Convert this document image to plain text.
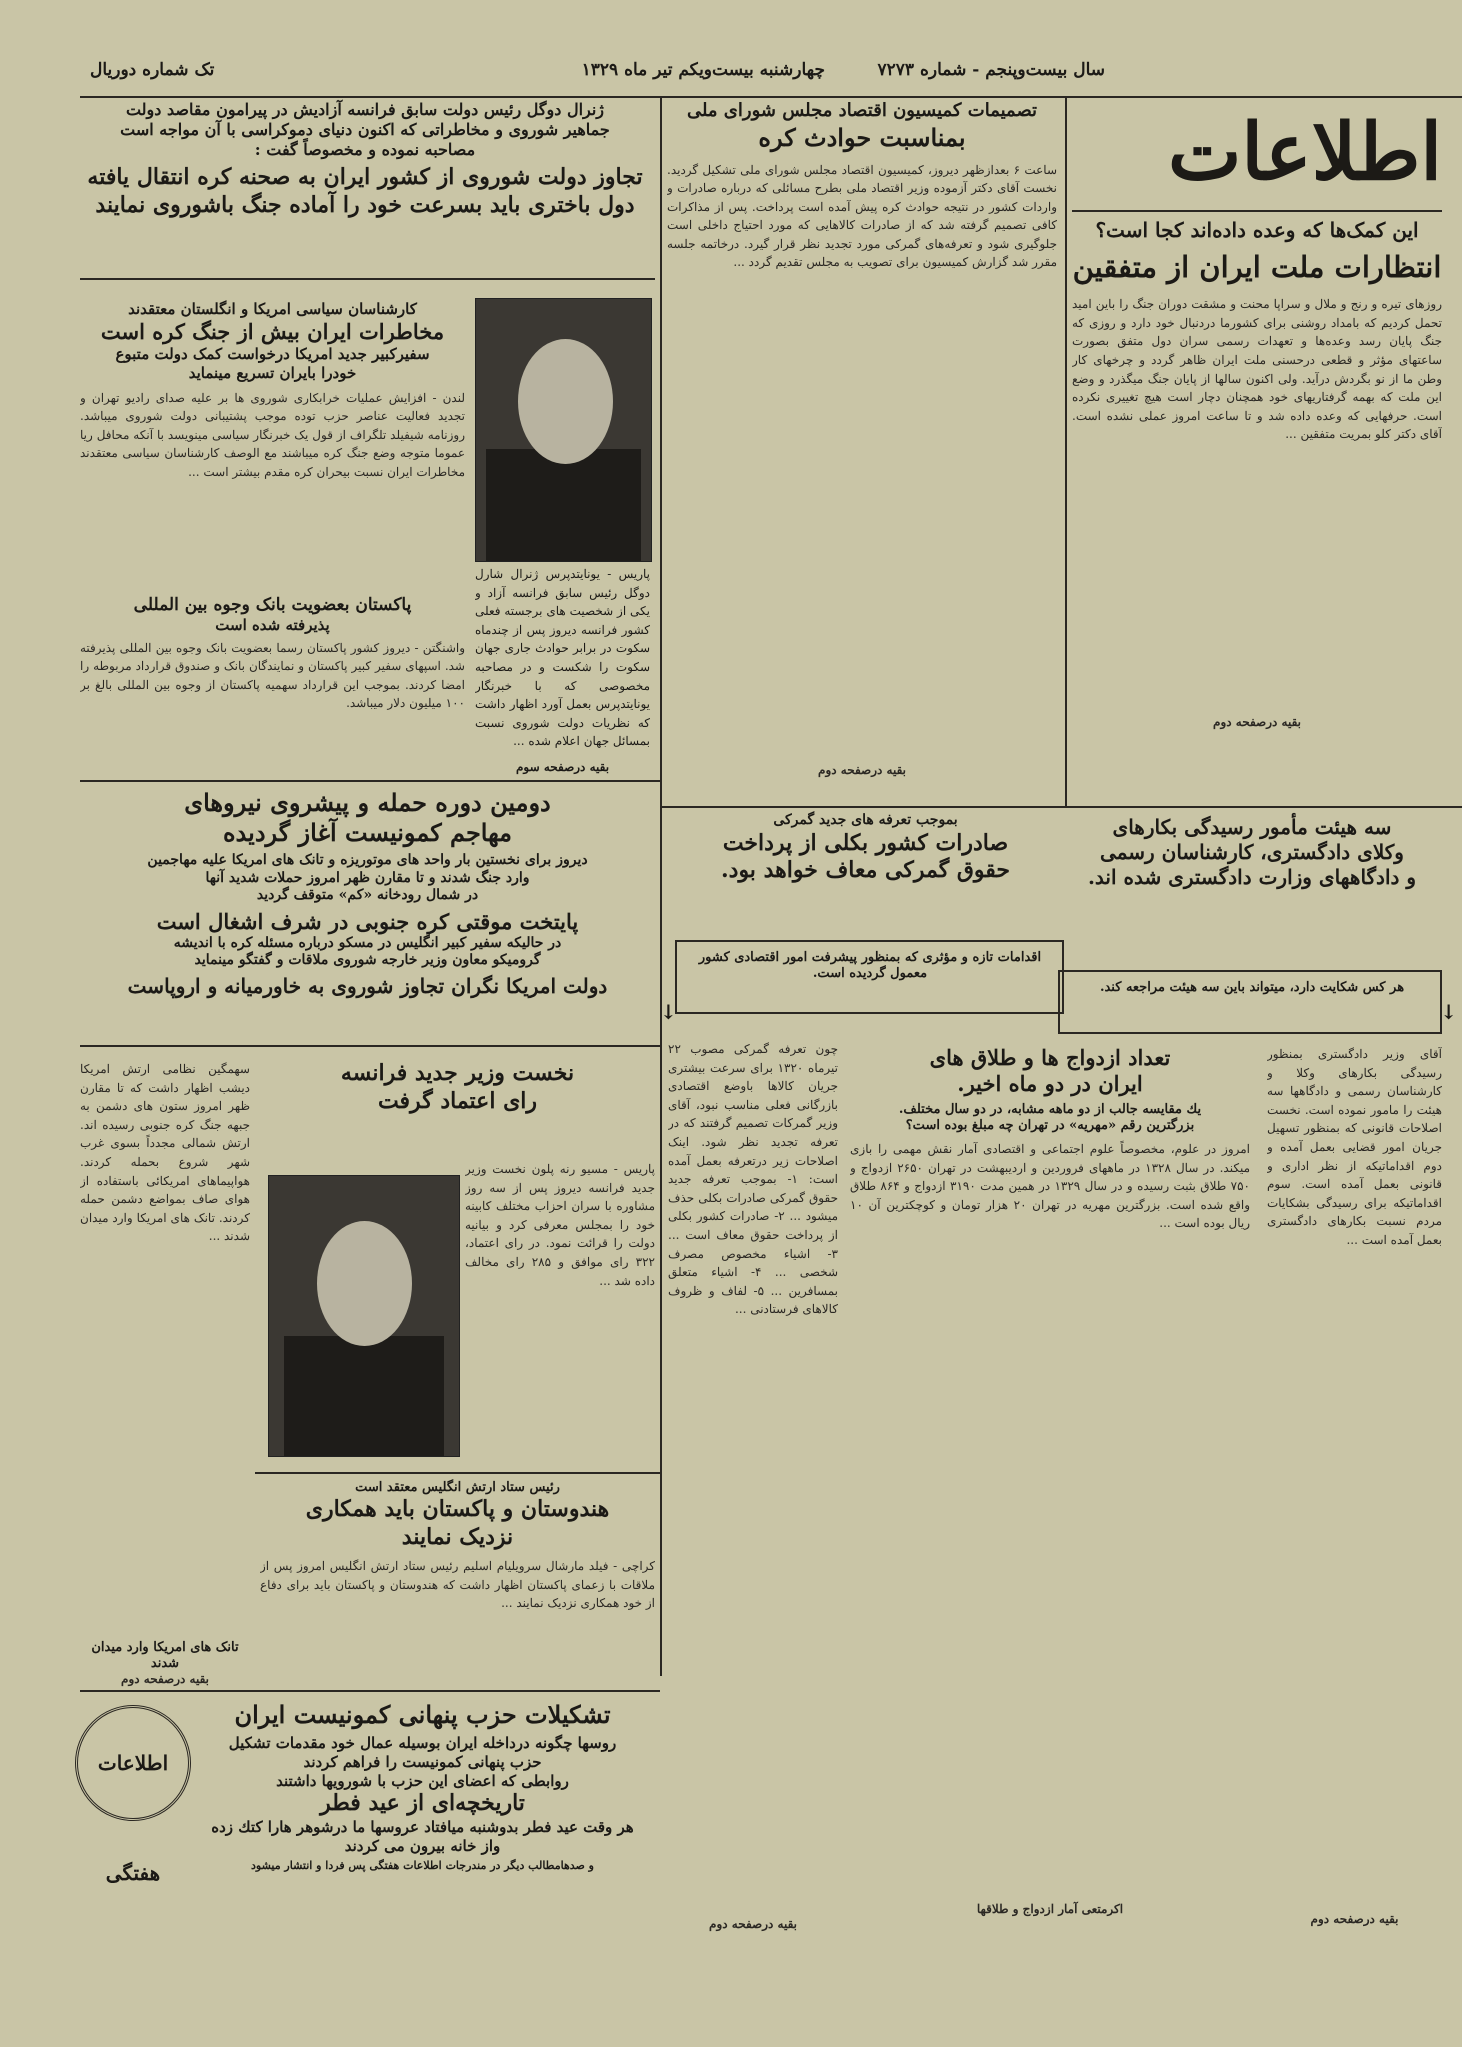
سال بیست‌و‌پنجم - شماره ۷۲۷۳
چهارشنبه بیست‌و‌یکم تیر ماه ۱۳۲۹
تک شماره دوریال
اطلاعات
این کمک‌ها که وعده داده‌اند کجا است؟
انتظارات ملت ایران از متفقین
روزهای تیره و رنج و ملال و سراپا محنت و مشقت دوران جنگ را باین امید تحمل کردیم که بامداد روشنی برای کشورما دردنبال خود دارد و روزی که جنگ پایان رسد وعده‌ها و تعهدات رسمی سران دول متفق بصورت ساعتهای مؤثر و قطعی درحسنی ملت ایران ظاهر گردد و چرخهای کار وطن ما از نو بگردش درآید. ولی اکنون سالها از پایان جنگ میگذرد و وضع این ملت که بهمه گرفتاریهای خود همچنان دچار است هیچ تغییری نکرده است. حرفهایی که وعده داده شد و تا ساعت امروز عملی نشده است. آقای دکتر کلو بمریت متفقین ...
بقیه درصفحه دوم
تصمیمات کمیسیون اقتصاد مجلس شورای ملی
بمناسبت حوادث کره
ساعت ۶ بعدازظهر دیروز، کمیسیون اقتصاد مجلس شورای ملی تشکیل گردید. نخست آقای دکتر آزموده وزیر اقتصاد ملی بطرح مسائلی که درباره صادرات و واردات کشور در نتیجه حوادث کره پیش آمده است پرداخت. پس از مذاکرات کافی تصمیم گرفته شد که از صادرات کالاهایی که مورد احتیاج داخلی است جلوگیری شود و تعرفه‌های گمرکی مورد تجدید نظر قرار گیرد. درخاتمه جلسه مقرر شد گزارش کمیسیون برای تصویب به مجلس تقدیم گردد ...
بقیه درصفحه دوم
ژنرال دوگل رئیس دولت سابق فرانسه آزادیش در پیرامون مقاصد دولت
جماهیر شوروی و مخاطراتی که اکنون دنیای دموکراسی با آن مواجه است
مصاحبه نموده و مخصوصاً گفت :
تجاوز دولت شوروی از کشور ایران به صحنه کره انتقال یافته
دول باختری باید بسرعت خود را آماده جنگ باشوروی نمایند
پاریس - یونایتدپرس ژنرال شارل دوگل رئیس سابق فرانسه آزاد و یکی از شخصیت های برجسته فعلی کشور فرانسه دیروز پس از چندماه سکوت در برابر حوادث جاری جهان سکوت را شکست و در مصاحبه مخصوصی که با خبرنگار یونایتدپرس بعمل آورد اظهار داشت که نظریات دولت شوروی نسبت بمسائل جهان اعلام شده ...
بقیه درصفحه سوم
کارشناسان سیاسی امریکا و انگلستان معتقدند
مخاطرات ایران بیش از جنگ کره است
سفیرکبیر جدید امریکا درخواست کمک دولت متبوع
خودرا بایران تسریع مینماید
لندن - افزایش عملیات خرابکاری شوروی ها بر علیه صدای رادیو تهران و تجدید فعالیت عناصر حزب توده موجب پشتیبانی دولت شوروی میباشد. روزنامه شیفیلد تلگراف از قول یک خبرنگار سیاسی مینویسد با آنکه محافل ریا عموما متوجه وضع جنگ کره میباشند مع الوصف کارشناسان سیاسی معتقدند مخاطرات ایران نسبت بیحران کره مقدم بیشتر است ...
پاکستان بعضویت بانک وجوه بین المللی
پذیرفته شده است
واشنگتن - دیروز کشور پاکستان رسما بعضویت بانک وجوه بین المللی پذیرفته شد. اسپهای سفیر کبیر پاکستان و نمایندگان بانک و صندوق قرارداد مربوطه را امضا کردند. بموجب این قرارداد سهمیه پاکستان از وجوه بین المللی بالغ بر ۱۰۰ میلیون دلار میباشد.
دومین دوره حمله و پیشروی نیروهای
مهاجم کمونیست آغاز گردیده
دیروز برای نخستین بار واحد های موتوریزه و تانک های امریکا علیه مهاجمین
وارد جنگ شدند و تا مقارن ظهر امروز حملات شدید آنها
در شمال رودخانه «کم» متوقف گردید
پایتخت موقتی کره جنوبی در شرف اشغال است
در حالیکه سفیر کبیر انگلیس در مسکو درباره مسئله کره با اندیشه
گرومیکو معاون وزیر خارجه شوروی ملاقات و گفتگو مینماید
دولت امریکا نگران تجاوز شوروی به خاورمیانه و اروپاست
بموجب تعرفه های جدید گمرکی
صادرات کشور بکلی از پرداخت
حقوق گمرکی معاف خواهد بود.
↓
اقدامات تازه و مؤثری که بمنظور پیشرفت امور اقتصادی کشور معمول گردیده است.
چون تعرفه گمرکی مصوب ۲۲ تیرماه ۱۳۲۰ برای سرعت بیشتری جریان کالاها باوضع اقتصادی بازرگانی فعلی مناسب نبود، آقای وزیر گمرکات تصمیم گرفتند که در تعرفه تجدید نظر شود. اینک اصلاحات زیر درتعرفه بعمل آمده است: ۱- بموجب تعرفه جدید حقوق گمرکی صادرات بکلی حذف میشود ... ۲- صادرات کشور بکلی از پرداخت حقوق معاف است ... ۳- اشیاء مخصوص مصرف شخصی ... ۴- اشیاء متعلق بمسافرین ... ۵- لفاف و ظروف کالاهای فرستادنی ...
بقیه درصفحه دوم
سه هیئت مأمور رسیدگی بکارهای
وکلای دادگستری، کارشناسان رسمی
و دادگاههای وزارت دادگستری شده اند.
↓
هر کس شکایت دارد، میتواند باین سه هیئت مراجعه کند.
آقای وزیر دادگستری بمنظور رسیدگی بکارهای وکلا و کارشناسان رسمی و دادگاهها سه هیئت را مامور نموده است. نخست اصلاحات قانونی که بمنظور تسهیل جریان امور قضایی بعمل آمده و دوم اقداماتیکه از نظر اداری و قانونی بعمل آمده است. سوم اقداماتیکه برای رسیدگی بشکایات مردم نسبت بکارهای دادگستری بعمل آمده است ...
بقیه درصفحه دوم
تعداد ازدواج ها و طلاق های
ایران در دو ماه اخیر.
یك مقایسه جالب از دو ماهه مشابه، در دو سال مختلف.
بزرگترین رقم «مهریه» در تهران چه مبلغ بوده است؟
امروز در علوم، مخصوصاً علوم اجتماعی و اقتصادی آمار نقش مهمی را بازی میکند. در سال ۱۳۲۸ در ماههای فروردین و اردیبهشت در تهران ۲۶۵۰ ازدواج و ۷۵۰ طلاق بثبت رسیده و در سال ۱۳۲۹ در همین مدت ۳۱۹۰ ازدواج و ۸۶۴ طلاق واقع شده است. بزرگترین مهریه در تهران ۲۰ هزار تومان و کوچکترین آن ۱۰ ریال بوده است ...
اکرمتعی آمار ازدواج و طلاقها
نخست وزیر جدید فرانسه
رای اعتماد گرفت
پاریس - مسیو رنه پلون نخست وزیر جدید فرانسه دیروز پس از سه روز مشاوره با سران احزاب مختلف کابینه خود را بمجلس معرفی کرد و بیانیه دولت را قرائت نمود. در رای اعتماد، ۳۲۲ رای موافق و ۲۸۵ رای مخالف داده شد ...
سهمگین نظامی ارتش امریکا دیشب اظهار داشت که تا مقارن ظهر امروز ستون های دشمن به جبهه جنگ کره جنوبی رسیده اند. ارتش شمالی مجدداً بسوی غرب شهر شروع بحمله کردند. هواپیماهای امریکائی باستفاده از هوای صاف بمواضع دشمن حمله کردند. تانک های امریکا وارد میدان شدند ...
تانک های امریکا وارد میدان شدند
بقیه درصفحه دوم
رئیس ستاد ارتش انگلیس معتقد است
هندوستان و پاکستان باید همکاری
نزدیک نمایند
کراچی - فیلد مارشال سرویلیام اسلیم رئیس ستاد ارتش انگلیس امروز پس از ملاقات با زعمای پاکستان اظهار داشت که هندوستان و پاکستان باید برای دفاع از خود همکاری نزدیک نمایند ...
اطلاعات هفتگی
تشکیلات حزب پنهانی کمونیست ایران
روسها چگونه درداخله ایران بوسیله عمال خود مقدمات تشکیل
حزب پنهانی کمونیست را فراهم کردند
روابطی که اعضای این حزب با شورویها داشتند
تاریخچه‌ای از عید فطر
هر وقت عید فطر بدوشنبه میافتاد عروسها ما درشوهر هارا کتك زده
واز خانه بیرون می کردند
و صدهامطالب دیگر در مندرجات اطلاعات هفتگی پس فردا و انتشار میشود
